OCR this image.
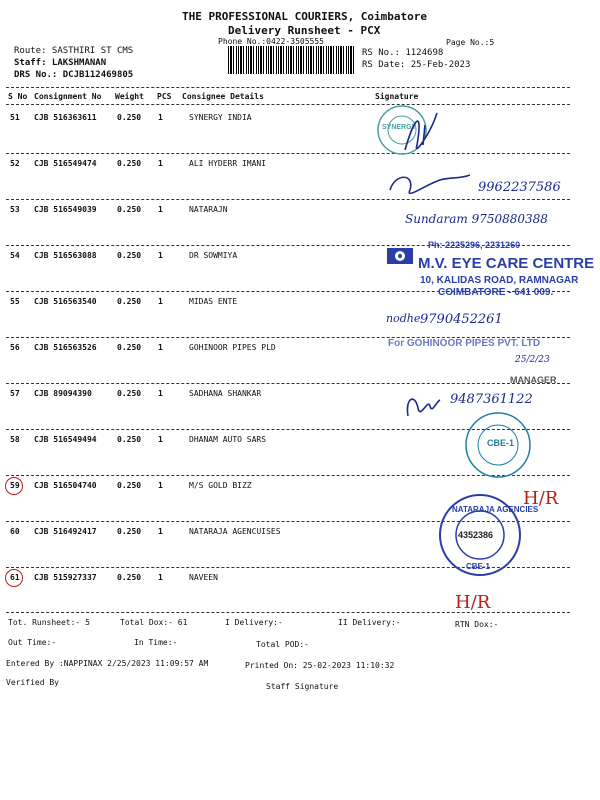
THE PROFESSIONAL COURIERS, Coimbatore
Delivery Runsheet - PCX
Phone No.:0422-3505555	Page No.:5
Route: SASTHIRI ST CMS
Staff: LAKSHMANAN
DRS No.: DCJB112469805
RS No.: 1124698
RS Date: 25-Feb-2023
S No Consignment No Weight PCS Consignee Details	Signature
51 CJB 516363611	0.250 1	SYNERGY INDIA
52 CJB 516549474	0.250 1	ALI HYDERR IMANI
53 CJB 516549039	0.250 1	NATARAJN
54 CJB 516563088	0.250 1	DR SOWMIYA
55 CJB 516563540	0.250 1	MIDAS ENTE
56 CJB 516563526	0.250 1	GOHINOOR PIPES PLD
57 CJB 89094390	0.250 1	SADHANA SHANKAR
58 CJB 516549494	0.250 1	DHANAM AUTO SARS
59 CJB 516504740	0.250 1	M/S GOLD BIZZ
60 CJB 516492417	0.250 1	NATARAJA AGENCUISES
61 CJB 515927337	0.250 1	NAVEEN
SYNERGY
9962237586
Sundaram 9750880388
Ph: 2225296, 2231260
M.V. EYE CARE CENTRE
10, KALIDAS ROAD, RAMNAGAR
COIMBATORE - 641 009.
nodhe 9790452261
For GOHINOOR PIPES PVT. LTD
25/2/23
MANAGER
9487361122
CBE-1
H/R
NATARAJA AGENCIES
4352386
CBE-1
H/R
Tot. Runsheet:- 5	Total Dox:- 61	I Delivery:-	II Delivery:-	RTN Dox:-
Out Time:-	In Time:-	Total POD:-
Entered By :NAPPINAX 2/25/2023 11:09:57 AM	Printed On: 25-02-2023 11:10:32
Verified By	Staff Signature
